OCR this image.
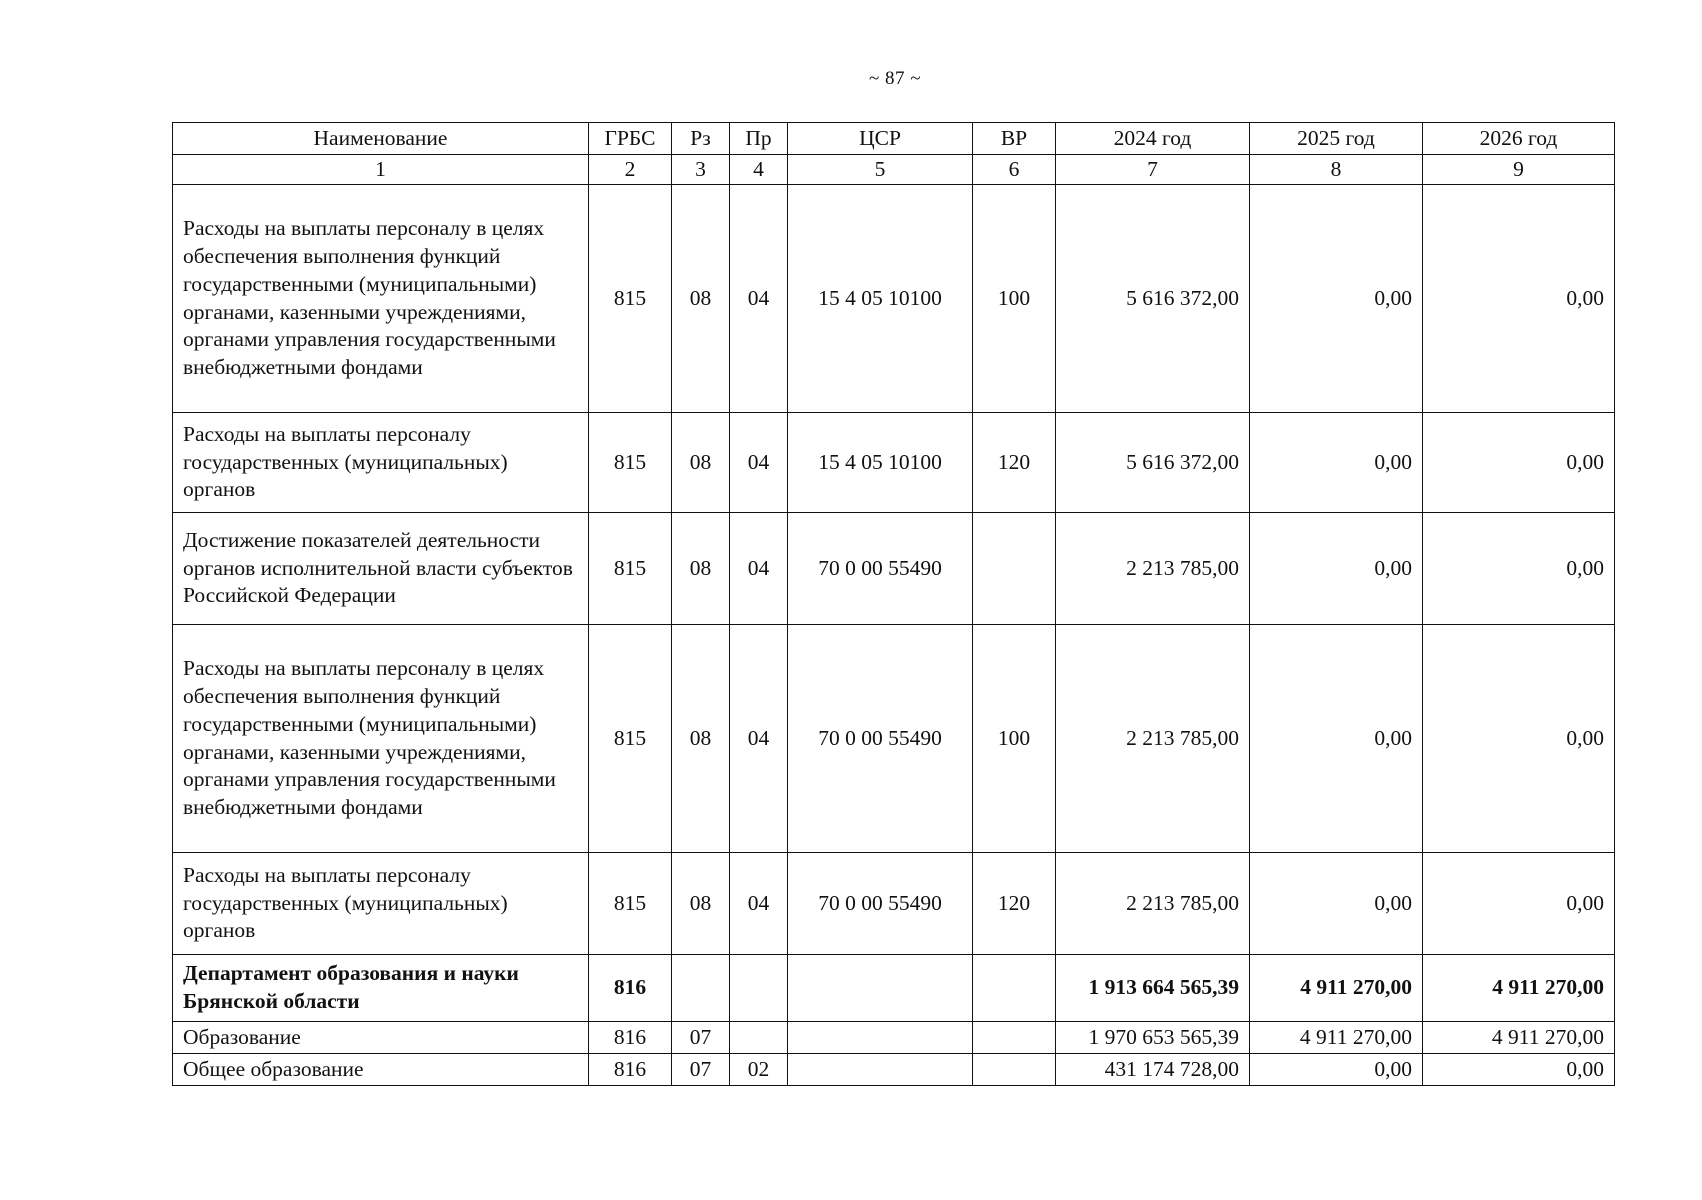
~ 87 ~
Наименование	ГРБС	Рз	Пр	ЦСР	ВР	2024 год	2025 год	2026 год
1	2	3	4	5	6	7	8	9
Расходы на выплаты персоналу в целях обеспечения выполнения функций государственными (муниципальными) органами, казенными учреждениями, органами управления государственными внебюджетными фондами	815	08	04	15 4 05 10100	100	5 616 372,00	0,00	0,00
Расходы на выплаты персоналу государственных (муниципальных) органов	815	08	04	15 4 05 10100	120	5 616 372,00	0,00	0,00
Достижение показателей деятельности органов исполнительной власти субъектов Российской Федерации	815	08	04	70 0 00 55490		2 213 785,00	0,00	0,00
Расходы на выплаты персоналу в целях обеспечения выполнения функций государственными (муниципальными) органами, казенными учреждениями, органами управления государственными внебюджетными фондами	815	08	04	70 0 00 55490	100	2 213 785,00	0,00	0,00
Расходы на выплаты персоналу государственных (муниципальных) органов	815	08	04	70 0 00 55490	120	2 213 785,00	0,00	0,00
Департамент образования и науки Брянской области	816					1 913 664 565,39	4 911 270,00	4 911 270,00
Образование	816	07				1 970 653 565,39	4 911 270,00	4 911 270,00
Общее образование	816	07	02			431 174 728,00	0,00	0,00
